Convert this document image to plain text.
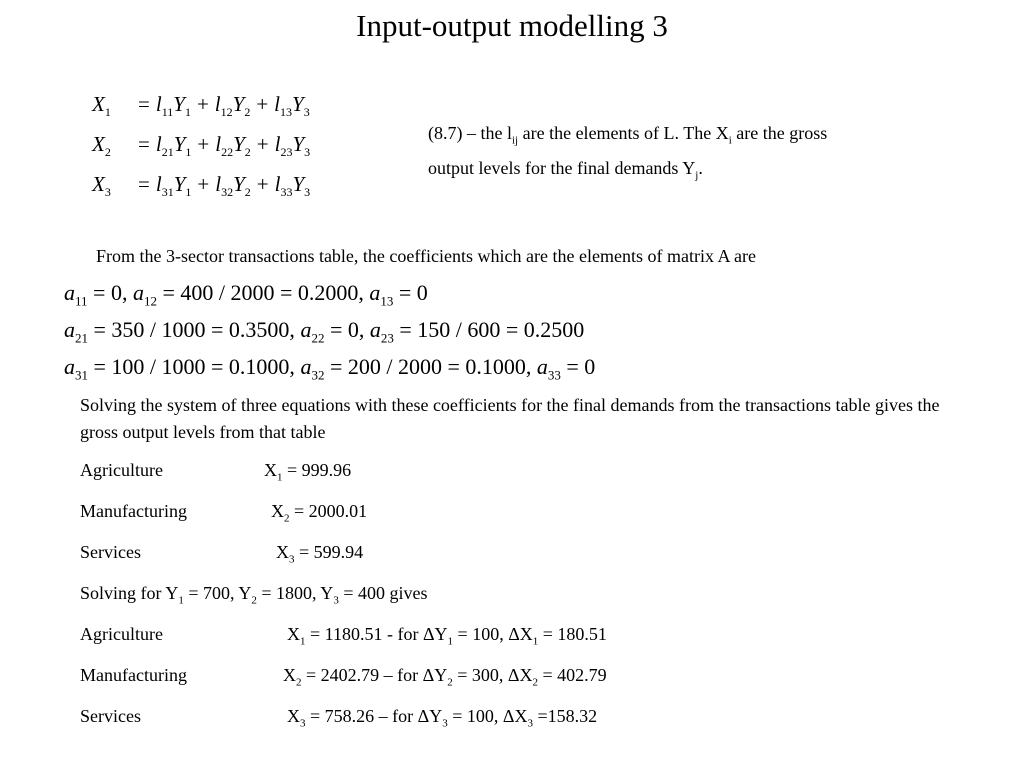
Input-output modelling 3
$X_1 = l_{11}Y_1 + l_{12}Y_2 + l_{13}Y_3$
$X_2 = l_{21}Y_1 + l_{22}Y_2 + l_{23}Y_3$
$X_3 = l_{31}Y_1 + l_{32}Y_2 + l_{33}Y_3$
(8.7) – the $l_{ij}$ are the elements of L. The $X_i$ are the gross output levels for the final demands $Y_j$.
From the 3-sector transactions table, the coefficients which are the elements of matrix A are
$a_{11} = 0$, $a_{12} = 400 / 2000 = 0.2000$, $a_{13} = 0$
$a_{21} = 350 / 1000 = 0.3500$, $a_{22} = 0$, $a_{23} = 150 / 600 = 0.2500$
$a_{31} = 100 / 1000 = 0.1000$, $a_{32} = 200 / 2000 = 0.1000$, $a_{33} = 0$
Solving the system of three equations with these coefficients for the final demands from the transactions table gives the gross output levels from that table
Agriculture	$X_1 = 999.96$
Manufacturing	$X_2 = 2000.01$
Services	$X_3 = 599.94$
Solving for $Y_1 = 700$, $Y_2 = 1800$, $Y_3 = 400$ gives
Agriculture	$X_1 = 1180.51$ - for $\Delta Y_1 = 100$, $\Delta X_1 = 180.51$
Manufacturing	$X_2 = 2402.79$ – for $\Delta Y_2 = 300$, $\Delta X_2 = 402.79$
Services	$X_3 = 758.26$ – for $\Delta Y_3 = 100$, $\Delta X_3 =158.32$
